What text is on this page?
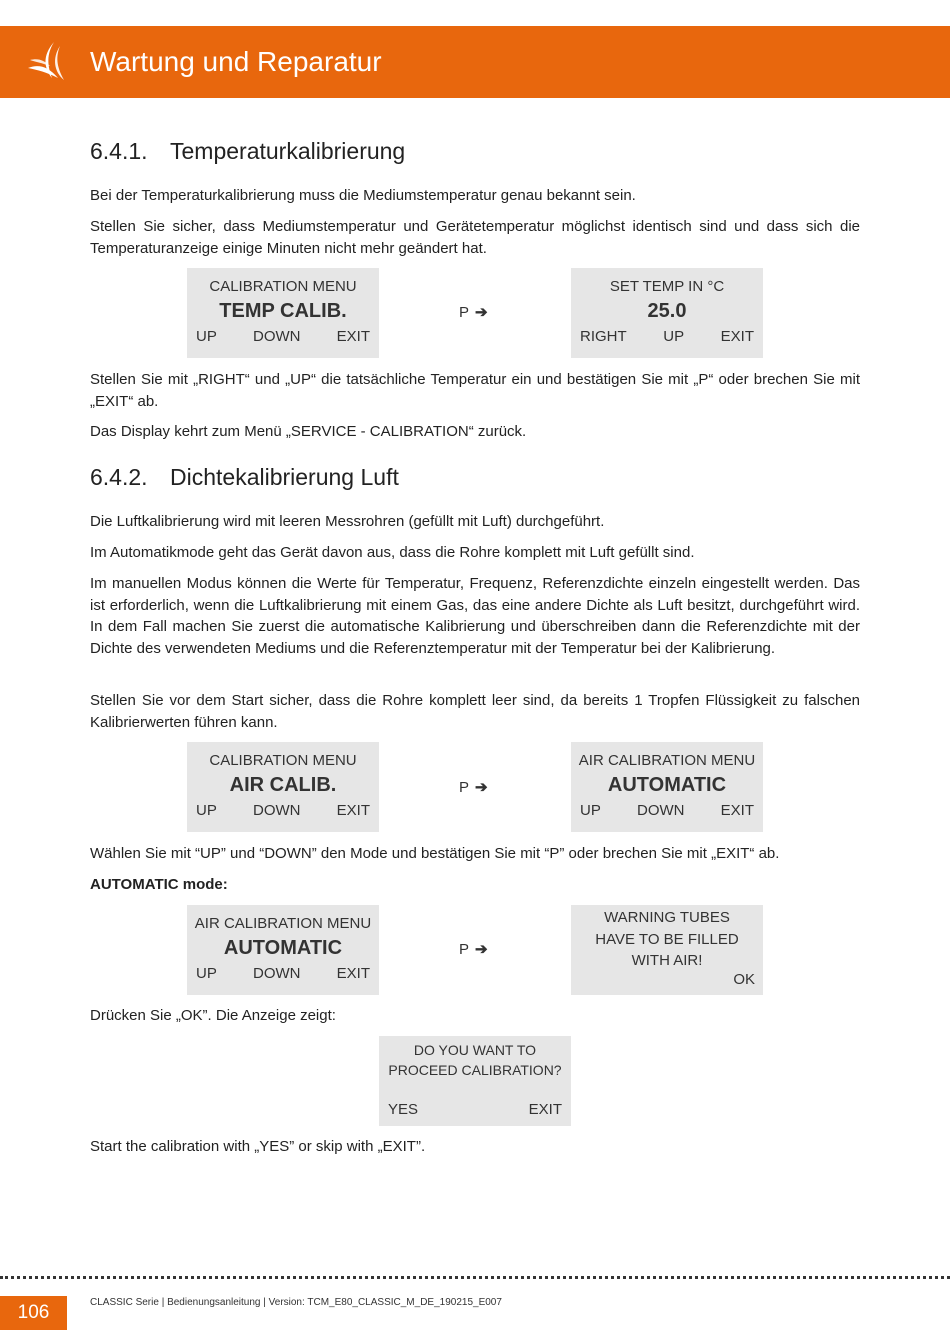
Wartung und Reparatur
6.4.1. Temperaturkalibrierung

Bei der Temperaturkalibrierung muss die Mediumstemperatur genau bekannt sein.

Stellen Sie sicher, dass Mediumstemperatur und Gerätetemperatur möglichst identisch sind und dass sich die Temperaturanzeige einige Minuten nicht mehr geändert hat.

CALIBRATION MENU
TEMP CALIB.
UP DOWN EXIT
P ➔
SET TEMP IN °C
25.0
RIGHT UP EXIT

Stellen Sie mit „RIGHT“ und „UP“ die tatsächliche Temperatur ein und bestätigen Sie mit „P“ oder brechen Sie mit „EXIT“ ab.

Das Display kehrt zum Menü „SERVICE - CALIBRATION“ zurück.

6.4.2. Dichtekalibrierung Luft

Die Luftkalibrierung wird mit leeren Messrohren (gefüllt mit Luft) durchgeführt.

Im Automatikmode geht das Gerät davon aus, dass die Rohre komplett mit Luft gefüllt sind.

Im manuellen Modus können die Werte für Temperatur, Frequenz, Referenzdichte einzeln eingestellt werden. Das ist erforderlich, wenn die Luftkalibrierung mit einem Gas, das eine andere Dichte als Luft besitzt, durchgeführt wird. In dem Fall machen Sie zuerst die automatische Kalibrierung und überschreiben dann die Referenzdichte mit der Dichte des verwendeten Mediums und die Referenztemperatur mit der Temperatur bei der Kalibrierung.

Stellen Sie vor dem Start sicher, dass die Rohre komplett leer sind, da bereits 1 Tropfen Flüssigkeit zu falschen Kalibrierwerten führen kann.

CALIBRATION MENU
AIR CALIB.
UP DOWN EXIT
P ➔
AIR CALIBRATION MENU
AUTOMATIC
UP DOWN EXIT

Wählen Sie mit “UP” und “DOWN” den Mode und bestätigen Sie mit “P” oder brechen Sie mit „EXIT“ ab.

AUTOMATIC mode:

AIR CALIBRATION MENU
AUTOMATIC
UP DOWN EXIT
P ➔
WARNING TUBES
HAVE TO BE FILLED
WITH AIR!
OK

Drücken Sie „OK”. Die Anzeige zeigt:

DO YOU WANT TO
PROCEED CALIBRATION?
YES	EXIT

Start the calibration with „YES” or skip with „EXIT”.

106	CLASSIC Serie | Bedienungsanleitung | Version: TCM_E80_CLASSIC_M_DE_190215_E007
